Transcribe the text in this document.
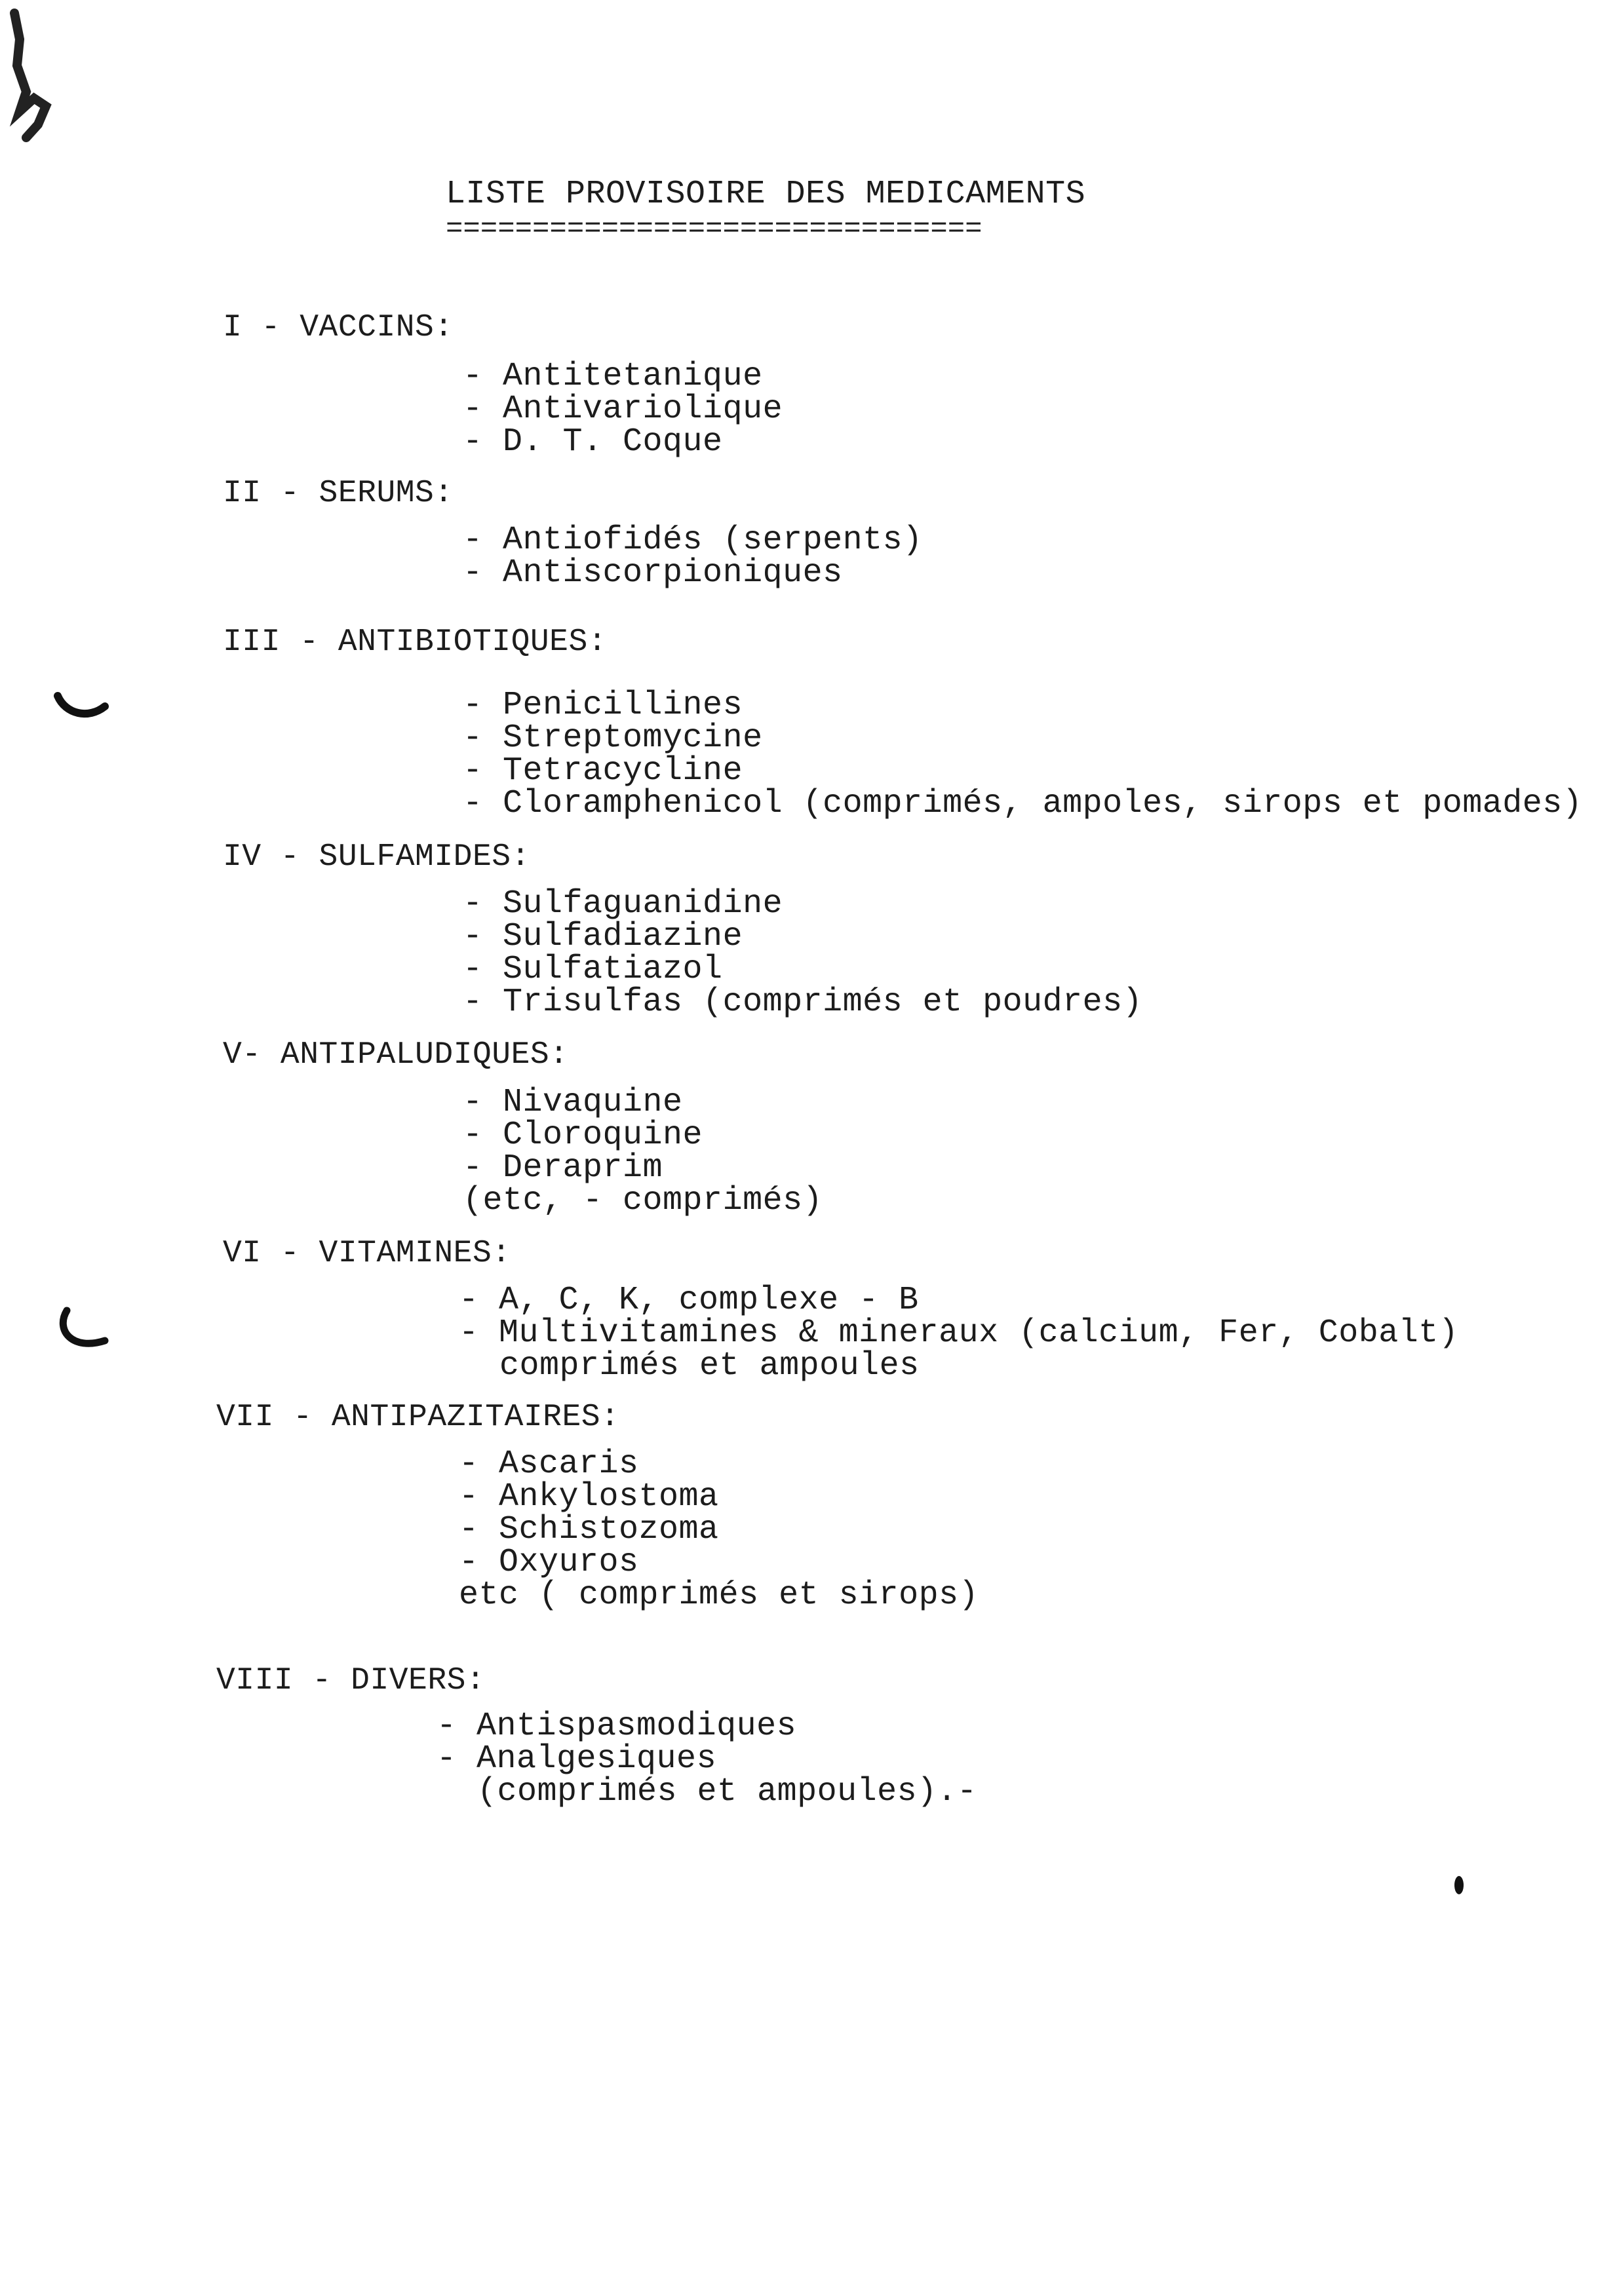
LISTE PROVISOIRE DES MEDICAMENTS
===============================
I - VACCINS:
- Antitetanique
- Antivariolique
- D. T. Coque
II - SERUMS:
- Antiofidés (serpents)
- Antiscorpioniques
III - ANTIBIOTIQUES:
- Penicillines
- Streptomycine
- Tetracycline
- Cloramphenicol (comprimés, ampoles, sirops et pomades)
IV - SULFAMIDES:
- Sulfaguanidine
- Sulfadiazine
- Sulfatiazol
- Trisulfas (comprimés et poudres)
V- ANTIPALUDIQUES:
- Nivaquine
- Cloroquine
- Deraprim
(etc, - comprimés)
VI - VITAMINES:
- A, C, K, complexe - B
- Multivitamines & mineraux (calcium, Fer, Cobalt)
comprimés et ampoules
VII - ANTIPAZITAIRES:
- Ascaris
- Ankylostoma
- Schistozoma
- Oxyuros
etc ( comprimés et sirops)
VIII - DIVERS:
- Antispasmodiques
- Analgesiques
(comprimés et ampoules).-
